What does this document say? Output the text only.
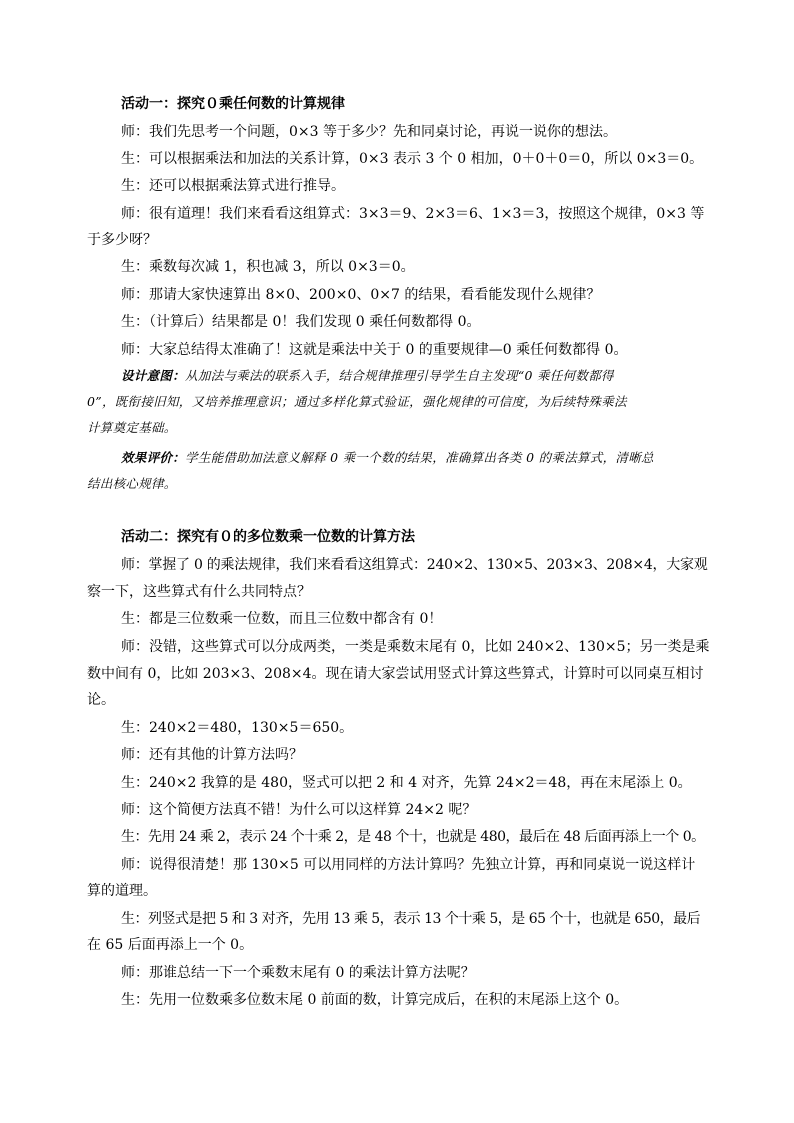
活动一：探究０乘任何数的计算规律
师：我们先思考一个问题，0×3 等于多少？先和同桌讨论，再说一说你的想法。
生：可以根据乘法和加法的关系计算，0×3 表示 3 个 0 相加，0＋0＋0＝0，所以 0×3＝0。
生：还可以根据乘法算式进行推导。
师：很有道理！我们来看看这组算式：3×3＝9、2×3＝6、1×3＝3，按照这个规律，0×3 等
于多少呀？
生：乘数每次减 1，积也减 3，所以 0×3＝0。
师：那请大家快速算出 8×0、200×0、0×7 的结果，看看能发现什么规律？
生：（计算后）结果都是 0！我们发现 0 乘任何数都得 0。
师：大家总结得太准确了！这就是乘法中关于 0 的重要规律—0 乘任何数都得 0。
设计意图：从加法与乘法的联系入手，结合规律推理引导学生自主发现“0 乘任何数都得
0”，既衔接旧知，又培养推理意识；通过多样化算式验证，强化规律的可信度，为后续特殊乘法
计算奠定基础。
效果评价：学生能借助加法意义解释 0 乘一个数的结果，准确算出各类 0 的乘法算式，清晰总
结出核心规律。
活动二：探究有０的多位数乘一位数的计算方法
师：掌握了 0 的乘法规律，我们来看看这组算式：240×2、130×5、203×3、208×4，大家观
察一下，这些算式有什么共同特点？
生：都是三位数乘一位数，而且三位数中都含有 0！
师：没错，这些算式可以分成两类，一类是乘数末尾有 0，比如 240×2、130×5；另一类是乘
数中间有 0，比如 203×3、208×4。现在请大家尝试用竖式计算这些算式，计算时可以同桌互相讨
论。
生：240×2＝480，130×5＝650。
师：还有其他的计算方法吗？
生：240×2 我算的是 480，竖式可以把 2 和 4 对齐，先算 24×2＝48，再在末尾添上 0。
师：这个简便方法真不错！为什么可以这样算 24×2 呢？
生：先用 24 乘 2，表示 24 个十乘 2，是 48 个十，也就是 480，最后在 48 后面再添上一个 0。
师：说得很清楚！那 130×5 可以用同样的方法计算吗？先独立计算，再和同桌说一说这样计
算的道理。
生：列竖式是把 5 和 3 对齐，先用 13 乘 5，表示 13 个十乘 5，是 65 个十，也就是 650，最后
在 65 后面再添上一个 0。
师：那谁总结一下一个乘数末尾有 0 的乘法计算方法呢？
生：先用一位数乘多位数末尾 0 前面的数，计算完成后，在积的末尾添上这个 0。
